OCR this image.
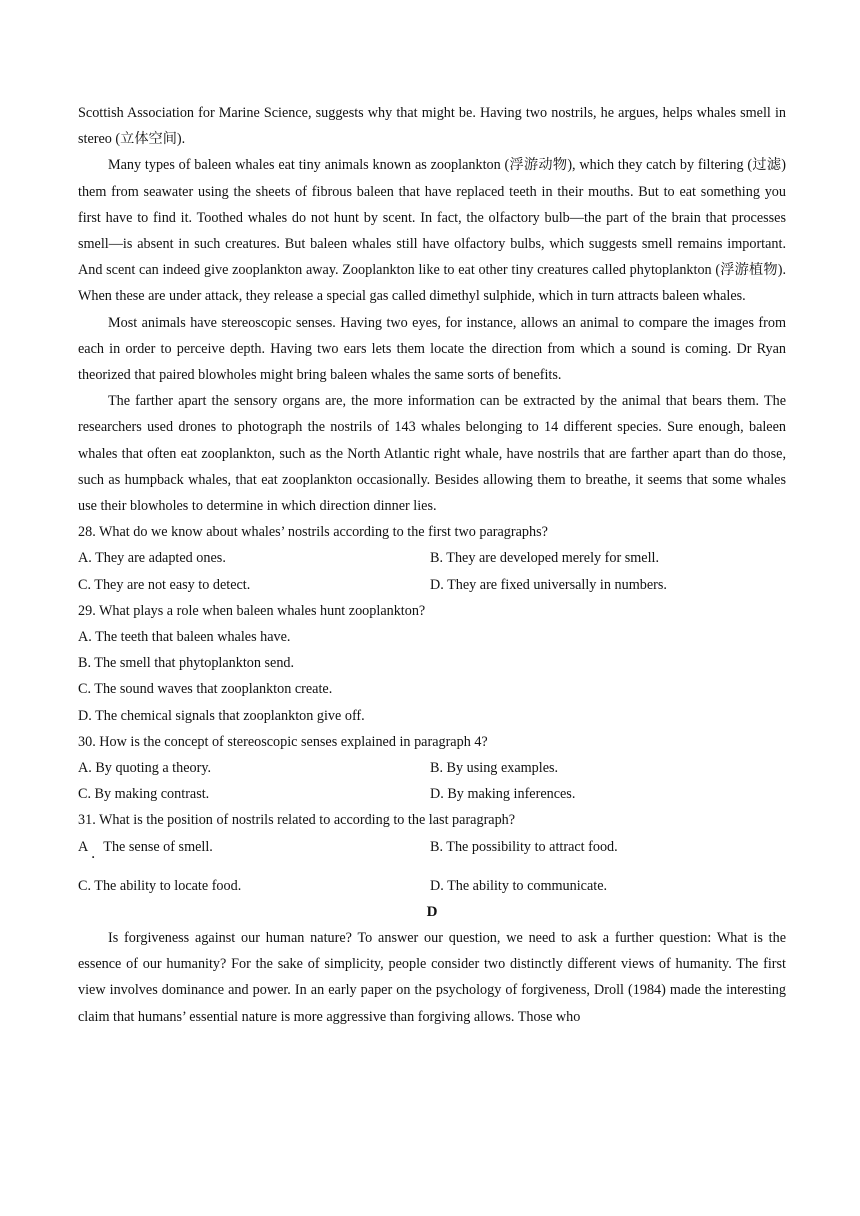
Scottish Association for Marine Science, suggests why that might be. Having two nostrils, he argues, helps whales smell in stereo (立体空间).

Many types of baleen whales eat tiny animals known as zooplankton (浮游动物), which they catch by filtering (过滤) them from seawater using the sheets of fibrous baleen that have replaced teeth in their mouths. But to eat something you first have to find it. Toothed whales do not hunt by scent. In fact, the olfactory bulb—the part of the brain that processes smell—is absent in such creatures. But baleen whales still have olfactory bulbs, which suggests smell remains important. And scent can indeed give zooplankton away. Zooplankton like to eat other tiny creatures called phytoplankton (浮游植物). When these are under attack, they release a special gas called dimethyl sulphide, which in turn attracts baleen whales.

Most animals have stereoscopic senses. Having two eyes, for instance, allows an animal to compare the images from each in order to perceive depth. Having two ears lets them locate the direction from which a sound is coming. Dr Ryan theorized that paired blowholes might bring baleen whales the same sorts of benefits.

The farther apart the sensory organs are, the more information can be extracted by the animal that bears them. The researchers used drones to photograph the nostrils of 143 whales belonging to 14 different species. Sure enough, baleen whales that often eat zooplankton, such as the North Atlantic right whale, have nostrils that are farther apart than do those, such as humpback whales, that eat zooplankton occasionally. Besides allowing them to breathe, it seems that some whales use their blowholes to determine in which direction dinner lies.

28. What do we know about whales’ nostrils according to the first two paragraphs?

A. They are adapted ones.	B. They are developed merely for smell.
C. They are not easy to detect.	D. They are fixed universally in numbers.

29. What plays a role when baleen whales hunt zooplankton?

A. The teeth that baleen whales have.
B. The smell that phytoplankton send.
C. The sound waves that zooplankton create.
D. The chemical signals that zooplankton give off.

30. How is the concept of stereoscopic senses explained in paragraph 4?

A. By quoting a theory.	B. By using examples.
C. By making contrast.	D. By making inferences.

31. What is the position of nostrils related to according to the last paragraph?

A ．
The sense of smell.	B. The possibility to attract food.
C. The ability to locate food.	D. The ability to communicate.

D

Is forgiveness against our human nature? To answer our question, we need to ask a further question: What is the essence of our humanity? For the sake of simplicity, people consider two distinctly different views of humanity. The first view involves dominance and power. In an early paper on the psychology of forgiveness, Droll (1984) made the interesting claim that humans’ essential nature is more aggressive than forgiving allows. Those who
